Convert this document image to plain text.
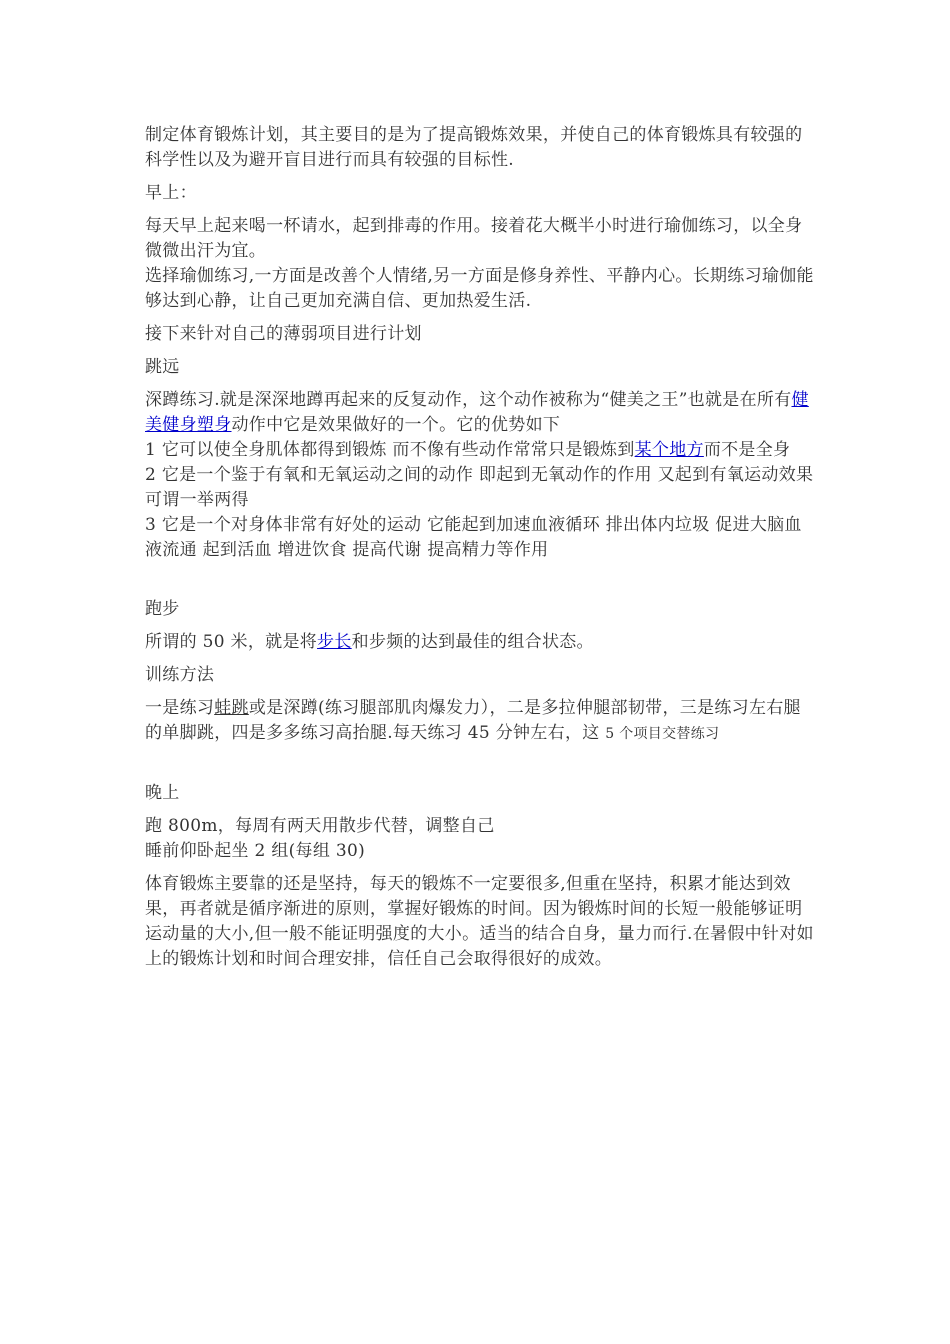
制定体育锻炼计划，其主要目的是为了提高锻炼效果，并使自己的体育锻炼具有较强的科学性以及为避开盲目进行而具有较强的目标性.

早上：

每天早上起来喝一杯请水，起到排毒的作用。接着花大概半小时进行瑜伽练习，以全身微微出汗为宜。

选择瑜伽练习,一方面是改善个人情绪,另一方面是修身养性、平静内心。长期练习瑜伽能够达到心静，让自己更加充满自信、更加热爱生活.

接下来针对自己的薄弱项目进行计划

跳远

深蹲练习.就是深深地蹲再起来的反复动作，这个动作被称为“健美之王”也就是在所有健美健身塑身动作中它是效果做好的一个。它的优势如下

1 它可以使全身肌体都得到锻炼 而不像有些动作常常只是锻炼到某个地方而不是全身

2 它是一个鉴于有氧和无氧运动之间的动作 即起到无氧动作的作用 又起到有氧运动效果 可谓一举两得

3 它是一个对身体非常有好处的运动 它能起到加速血液循环 排出体内垃圾 促进大脑血液流通 起到活血 增进饮食 提高代谢 提高精力等作用

跑步

所谓的 50 米，就是将步长和步频的达到最佳的组合状态。

训练方法

一是练习蛙跳或是深蹲(练习腿部肌肉爆发力），二是多拉伸腿部韧带，三是练习左右腿的单脚跳，四是多多练习高抬腿.每天练习 45 分钟左右，这 5 个项目交替练习

晚上

跑 800m，每周有两天用散步代替，调整自己

睡前仰卧起坐 2 组(每组 30)

体育锻炼主要靠的还是坚持，每天的锻炼不一定要很多,但重在坚持，积累才能达到效果，再者就是循序渐进的原则，掌握好锻炼的时间。因为锻炼时间的长短一般能够证明运动量的大小,但一般不能证明强度的大小。适当的结合自身，量力而行.在暑假中针对如上的锻炼计划和时间合理安排，信任自己会取得很好的成效。
